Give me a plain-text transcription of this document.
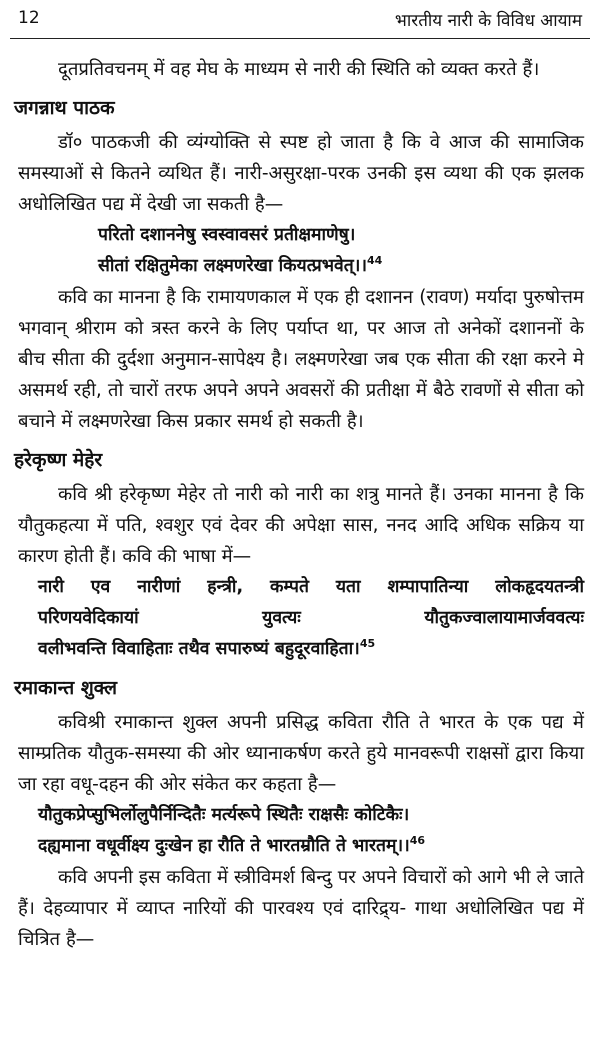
12	भारतीय नारी के विविध आयाम

दूतप्रतिवचनम् में वह मेघ के माध्यम से नारी की स्थिति को व्यक्त करते हैं।

जगन्नाथ पाठक

डॉ० पाठकजी की व्यंग्योक्ति से स्पष्ट हो जाता है कि वे आज की सामाजिक समस्याओं से कितने व्यथित हैं। नारी-असुरक्षा-परक उनकी इस व्यथा की एक झलक अधोलिखित पद्य में देखी जा सकती है—

परितो दशाननेषु स्वस्वावसरं प्रतीक्षमाणेषु।
सीतां रक्षितुमेका लक्ष्मणरेखा कियत्प्रभवेत्।।$^{44}$

कवि का मानना है कि रामायणकाल में एक ही दशानन (रावण) मर्यादा पुरुषोत्तम भगवान् श्रीराम को त्रस्त करने के लिए पर्याप्त था, पर आज तो अनेकों दशाननों के बीच सीता की दुर्दशा अनुमान-सापेक्ष्य है। लक्ष्मणरेखा जब एक सीता की रक्षा करने मे असमर्थ रही, तो चारों तरफ अपने अपने अवसरों की प्रतीक्षा में बैठे रावणों से सीता को बचाने में लक्ष्मणरेखा किस प्रकार समर्थ हो सकती है।

हरेकृष्ण मेहेर

कवि श्री हरेकृष्ण मेहेर तो नारी को नारी का शत्रु मानते हैं। उनका मानना है कि यौतुकहत्या में पति, श्वशुर एवं देवर की अपेक्षा सास, ननद आदि अधिक सक्रिय या कारण होती हैं। कवि की भाषा में—

नारी एव नारीणां हन्त्री, कम्पते यता शम्पापातिन्या लोकहृदयतन्त्री
परिणयवेदिकायां युवत्यः यौतुकज्वालायामार्जववत्यः
वलीभवन्ति विवाहिताः तथैव सपारुष्यं बहुदूरवाहिता।$^{45}$
रमाकान्त शुक्ल

कविश्री रमाकान्त शुक्ल अपनी प्रसिद्ध कविता रौति ते भारत के एक पद्य में साम्प्रतिक यौतुक-समस्या की ओर ध्यानाकर्षण करते हुये मानवरूपी राक्षसों द्वारा किया जा रहा वधू-दहन की ओर संकेत कर कहता है—

यौतुकप्रेप्सुभिर्लोलुपैर्निन्दितैः मर्त्यरूपे स्थितैः राक्षसैः कोटिकैः।
दह्यमाना वधूर्वीक्ष्य दुःखेन हा रौति ते भारतम्रौति ते भारतम्।।$^{46}$

कवि अपनी इस कविता में स्त्रीविमर्श बिन्दु पर अपने विचारों को आगे भी ले जाते हैं। देहव्यापार में व्याप्त नारियों की पारवश्य एवं दारिद्र्य- गाथा अधोलिखित पद्य में चित्रित है—
